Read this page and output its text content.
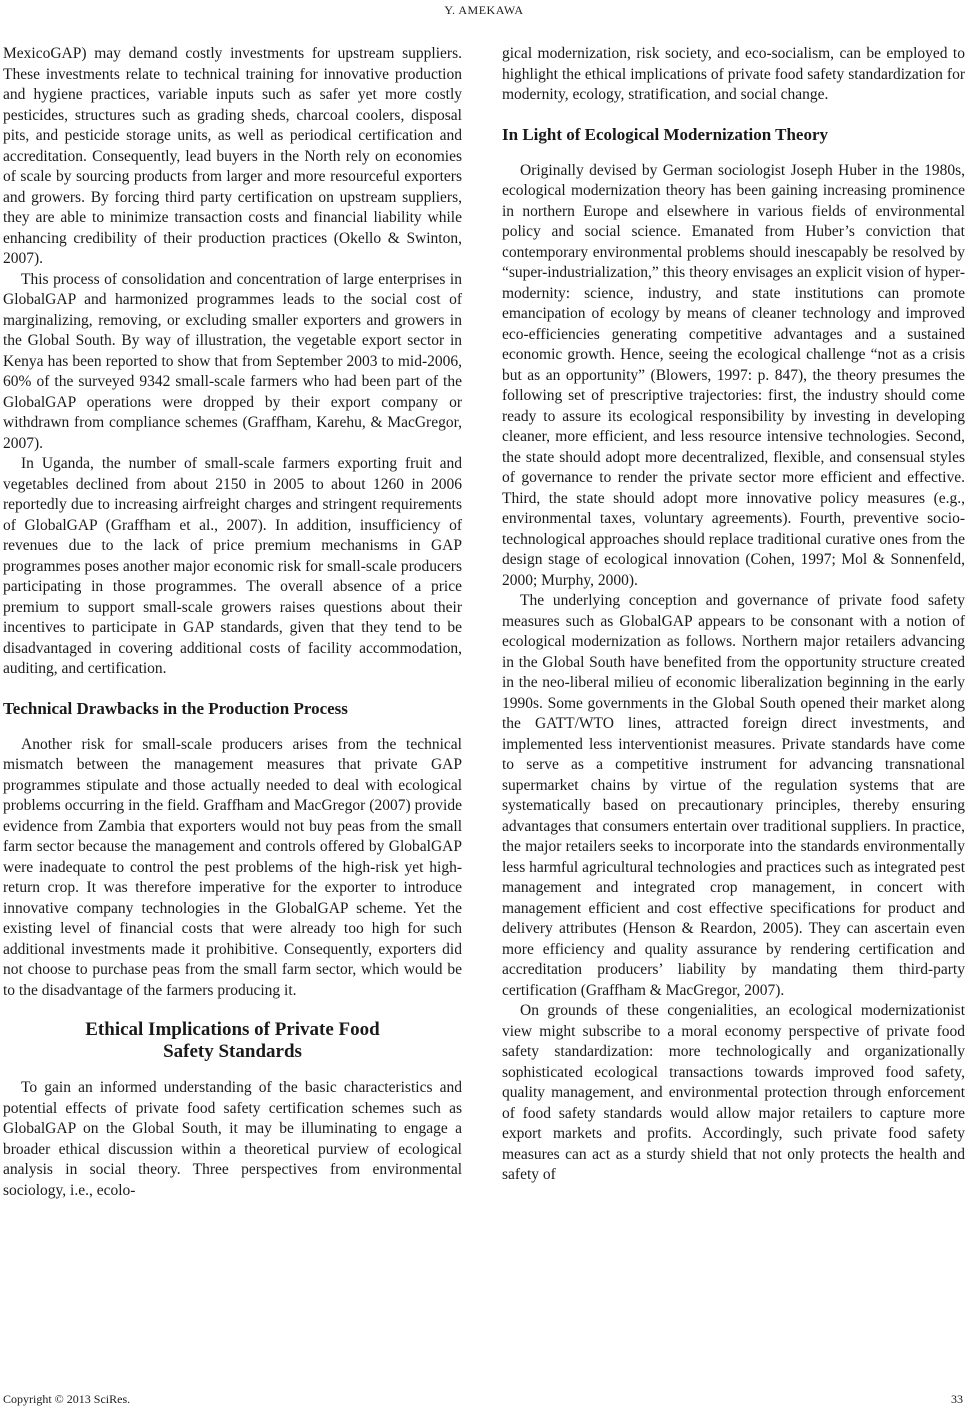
Y. AMEKAWA

MexicoGAP) may demand costly investments for upstream suppliers. These investments relate to technical training for innovative production and hygiene practices, variable inputs such as safer yet more costly pesticides, structures such as grading sheds, charcoal coolers, disposal pits, and pesticide storage units, as well as periodical certification and accreditation. Consequently, lead buyers in the North rely on economies of scale by sourcing products from larger and more resourceful exporters and growers. By forcing third party certification on upstream suppliers, they are able to minimize transaction costs and financial liability while enhancing credibility of their production practices (Okello & Swinton, 2007).

This process of consolidation and concentration of large enterprises in GlobalGAP and harmonized programmes leads to the social cost of marginalizing, removing, or excluding smaller exporters and growers in the Global South. By way of illustration, the vegetable export sector in Kenya has been reported to show that from September 2003 to mid-2006, 60% of the surveyed 9342 small-scale farmers who had been part of the GlobalGAP operations were dropped by their export company or withdrawn from compliance schemes (Graffham, Karehu, & MacGregor, 2007).

In Uganda, the number of small-scale farmers exporting fruit and vegetables declined from about 2150 in 2005 to about 1260 in 2006 reportedly due to increasing airfreight charges and stringent requirements of GlobalGAP (Graffham et al., 2007). In addition, insufficiency of revenues due to the lack of price premium mechanisms in GAP programmes poses another major economic risk for small-scale producers participating in those programmes. The overall absence of a price premium to support small-scale growers raises questions about their incentives to participate in GAP standards, given that they tend to be disadvantaged in covering additional costs of facility accommodation, auditing, and certification.

Technical Drawbacks in the Production Process

Another risk for small-scale producers arises from the technical mismatch between the management measures that private GAP programmes stipulate and those actually needed to deal with ecological problems occurring in the field. Graffham and MacGregor (2007) provide evidence from Zambia that exporters would not buy peas from the small farm sector because the management and controls offered by GlobalGAP were inadequate to control the pest problems of the high-risk yet high-return crop. It was therefore imperative for the exporter to introduce innovative company technologies in the GlobalGAP scheme. Yet the existing level of financial costs that were already too high for such additional investments made it prohibitive. Consequently, exporters did not choose to purchase peas from the small farm sector, which would be to the disadvantage of the farmers producing it.

Ethical Implications of Private Food
Safety Standards

To gain an informed understanding of the basic characteristics and potential effects of private food safety certification schemes such as GlobalGAP on the Global South, it may be illuminating to engage a broader ethical discussion within a theoretical purview of ecological analysis in social theory. Three perspectives from environmental sociology, i.e., ecolo-

gical modernization, risk society, and eco-socialism, can be employed to highlight the ethical implications of private food safety standardization for modernity, ecology, stratification, and social change.

In Light of Ecological Modernization Theory

Originally devised by German sociologist Joseph Huber in the 1980s, ecological modernization theory has been gaining increasing prominence in northern Europe and elsewhere in various fields of environmental policy and social science. Emanated from Huber’s conviction that contemporary environmental problems should inescapably be resolved by “super-industrialization,” this theory envisages an explicit vision of hyper-modernity: science, industry, and state institutions can promote emancipation of ecology by means of cleaner technology and improved eco-efficiencies generating competitive advantages and a sustained economic growth. Hence, seeing the ecological challenge “not as a crisis but as an opportunity” (Blowers, 1997: p. 847), the theory presumes the following set of prescriptive trajectories: first, the industry should come ready to assure its ecological responsibility by investing in developing cleaner, more efficient, and less resource intensive technologies. Second, the state should adopt more decentralized, flexible, and consensual styles of governance to render the private sector more efficient and effective. Third, the state should adopt more innovative policy measures (e.g., environmental taxes, voluntary agreements). Fourth, preventive socio-technological approaches should replace traditional curative ones from the design stage of ecological innovation (Cohen, 1997; Mol & Sonnenfeld, 2000; Murphy, 2000).

The underlying conception and governance of private food safety measures such as GlobalGAP appears to be consonant with a notion of ecological modernization as follows. Northern major retailers advancing in the Global South have benefited from the opportunity structure created in the neo-liberal milieu of economic liberalization beginning in the early 1990s. Some governments in the Global South opened their market along the GATT/WTO lines, attracted foreign direct investments, and implemented less interventionist measures. Private standards have come to serve as a competitive instrument for advancing transnational supermarket chains by virtue of the regulation systems that are systematically based on precautionary principles, thereby ensuring advantages that consumers entertain over traditional suppliers. In practice, the major retailers seeks to incorporate into the standards environmentally less harmful agricultural technologies and practices such as integrated pest management and integrated crop management, in concert with management efficient and cost effective specifications for product and delivery attributes (Henson & Reardon, 2005). They can ascertain even more efficiency and quality assurance by rendering certification and accreditation producers’ liability by mandating them third-party certification (Graffham & MacGregor, 2007).

On grounds of these congenialities, an ecological modernizationist view might subscribe to a moral economy perspective of private food safety standardization: more technologically and organizationally sophisticated ecological transactions towards improved food safety, quality management, and environmental protection through enforcement of food safety standards would allow major retailers to capture more export markets and profits. Accordingly, such private food safety measures can act as a sturdy shield that not only protects the health and safety of

Copyright © 2013 SciRes.	33
